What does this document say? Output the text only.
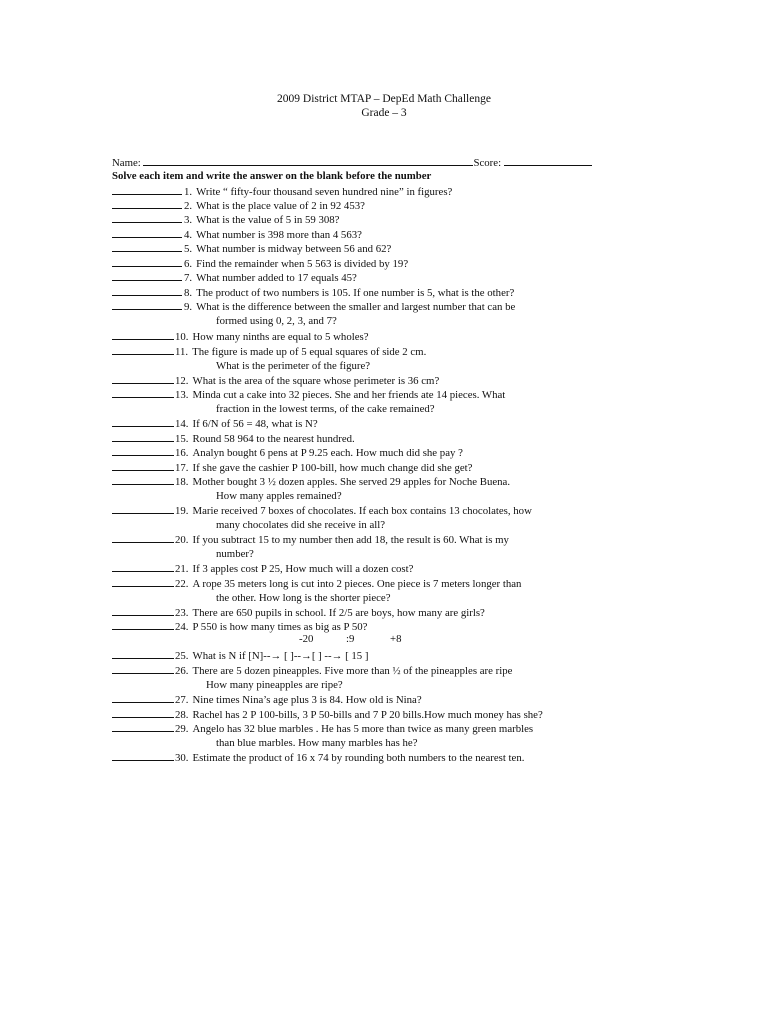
2009 District MTAP – DepEd Math Challenge
Grade – 3
Name:	Score:
Solve each item and write the answer on the blank before the number
1. Write “ fifty-four thousand seven hundred nine” in figures?
2. What is the place value of 2 in 92 453?
3. What is the value of 5 in 59 308?
4. What number is 398 more than 4 563?
5. What number is midway between 56 and 62?
6. Find the remainder when 5 563 is divided by 19?
7. What number added to 17 equals 45?
8. The product of two numbers is 105. If one number is 5, what is the other?
9. What is the difference between the smaller and largest number that can be
formed using 0, 2, 3, and 7?
10. How many ninths are equal to 5 wholes?
11. The figure is made up of 5 equal squares of side 2 cm.
What is the perimeter of the figure?
12. What is the area of the square whose perimeter is 36 cm?
13. Minda cut a cake into 32 pieces. She and her friends ate 14 pieces. What
fraction in the lowest terms, of the cake remained?
14. If 6/N of 56 = 48, what is N?
15. Round 58 964 to the nearest hundred.
16. Analyn bought 6 pens at P 9.25 each. How much did she pay ?
17. If she gave the cashier P 100-bill, how much change did she get?
18. Mother bought 3 ½ dozen apples. She served 29 apples for Noche Buena.
How many apples remained?
19. Marie received 7 boxes of chocolates. If each box contains 13 chocolates, how
many chocolates did she receive in all?
20. If you subtract 15 to my number then add 18, the result is 60. What is my
number?
21. If 3 apples cost P 25, How much will a dozen cost?
22. A rope 35 meters long is cut into 2 pieces. One piece is 7 meters longer than
the other. How long is the shorter piece?
23. There are 650 pupils in school. If 2/5 are boys, how many are girls?
24. P 550 is how many times as big as P 50?
25. What is N if [N]--→ [ ]--→[ ] --→ [ 15 ]
26. There are 5 dozen pineapples. Five more than ½ of the pineapples are ripe
How many pineapples are ripe?
27. Nine times Nina’s age plus 3 is 84. How old is Nina?
28. Rachel has 2 P 100-bills, 3 P 50-bills and 7 P 20 bills.How much money has she?
29. Angelo has 32 blue marbles . He has 5 more than twice as many green marbles
than blue marbles. How many marbles has he?
30. Estimate the product of 16 x 74 by rounding both numbers to the nearest ten.
-20	:9	+8
